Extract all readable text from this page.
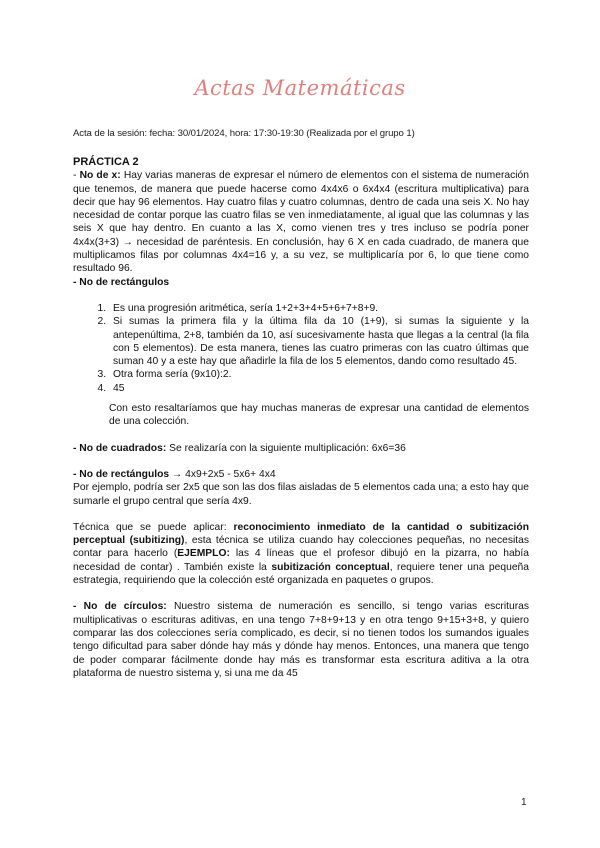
Actas Matemáticas
Acta de la sesión: fecha: 30/01/2024, hora: 17:30-19:30 (Realizada por el grupo 1)

PRÁCTICA 2

- No de x: Hay varias maneras de expresar el número de elementos con el sistema de numeración que tenemos, de manera que puede hacerse como 4x4x6 o 6x4x4 (escritura multiplicativa) para decir que hay 96 elementos. Hay cuatro filas y cuatro columnas, dentro de cada una seis X. No hay necesidad de contar porque las cuatro filas se ven inmediatamente, al igual que las columnas y las seis X que hay dentro. En cuanto a las X, como vienen tres y tres incluso se podría poner 4x4x(3+3) → necesidad de paréntesis. En conclusión, hay 6 X en cada cuadrado, de manera que multiplicamos filas por columnas 4x4=16 y, a su vez, se multiplicaría por 6, lo que tiene como resultado 96.

- No de rectángulos

1. Es una progresión aritmética, sería 1+2+3+4+5+6+7+8+9.
2. Si sumas la primera fila y la última fila da 10 (1+9), si sumas la siguiente y la antepenúltima, 2+8, también da 10, así sucesivamente hasta que llegas a la central (la fila con 5 elementos). De esta manera, tienes las cuatro primeras con las cuatro últimas que suman 40 y a este hay que añadirle la fila de los 5 elementos, dando como resultado 45.
3. Otra forma sería (9x10):2.
4. 45

Con esto resaltaríamos que hay muchas maneras de expresar una cantidad de elementos de una colección.

- No de cuadrados: Se realizaría con la siguiente multiplicación: 6x6=36

- No de rectángulos → 4x9+2x5 - 5x6+ 4x4

Por ejemplo, podría ser 2x5 que son las dos filas aisladas de 5 elementos cada una; a esto hay que sumarle el grupo central que sería 4x9.

Técnica que se puede aplicar: reconocimiento inmediato de la cantidad o subitización perceptual (subitizing), esta técnica se utiliza cuando hay colecciones pequeñas, no necesitas contar para hacerlo (EJEMPLO: las 4 líneas que el profesor dibujó en la pizarra, no había necesidad de contar) . También existe la subitización conceptual, requiere tener una pequeña estrategia, requiriendo que la colección esté organizada en paquetes o grupos.

- No de círculos: Nuestro sistema de numeración es sencillo, si tengo varias escrituras multiplicativas o escrituras aditivas, en una tengo 7+8+9+13 y en otra tengo 9+15+3+8, y quiero comparar las dos colecciones sería complicado, es decir, si no tienen todos los sumandos iguales tengo dificultad para saber dónde hay más y dónde hay menos. Entonces, una manera que tengo de poder comparar fácilmente donde hay más es transformar esta escritura aditiva a la otra plataforma de nuestro sistema y, si una me da 45

1
